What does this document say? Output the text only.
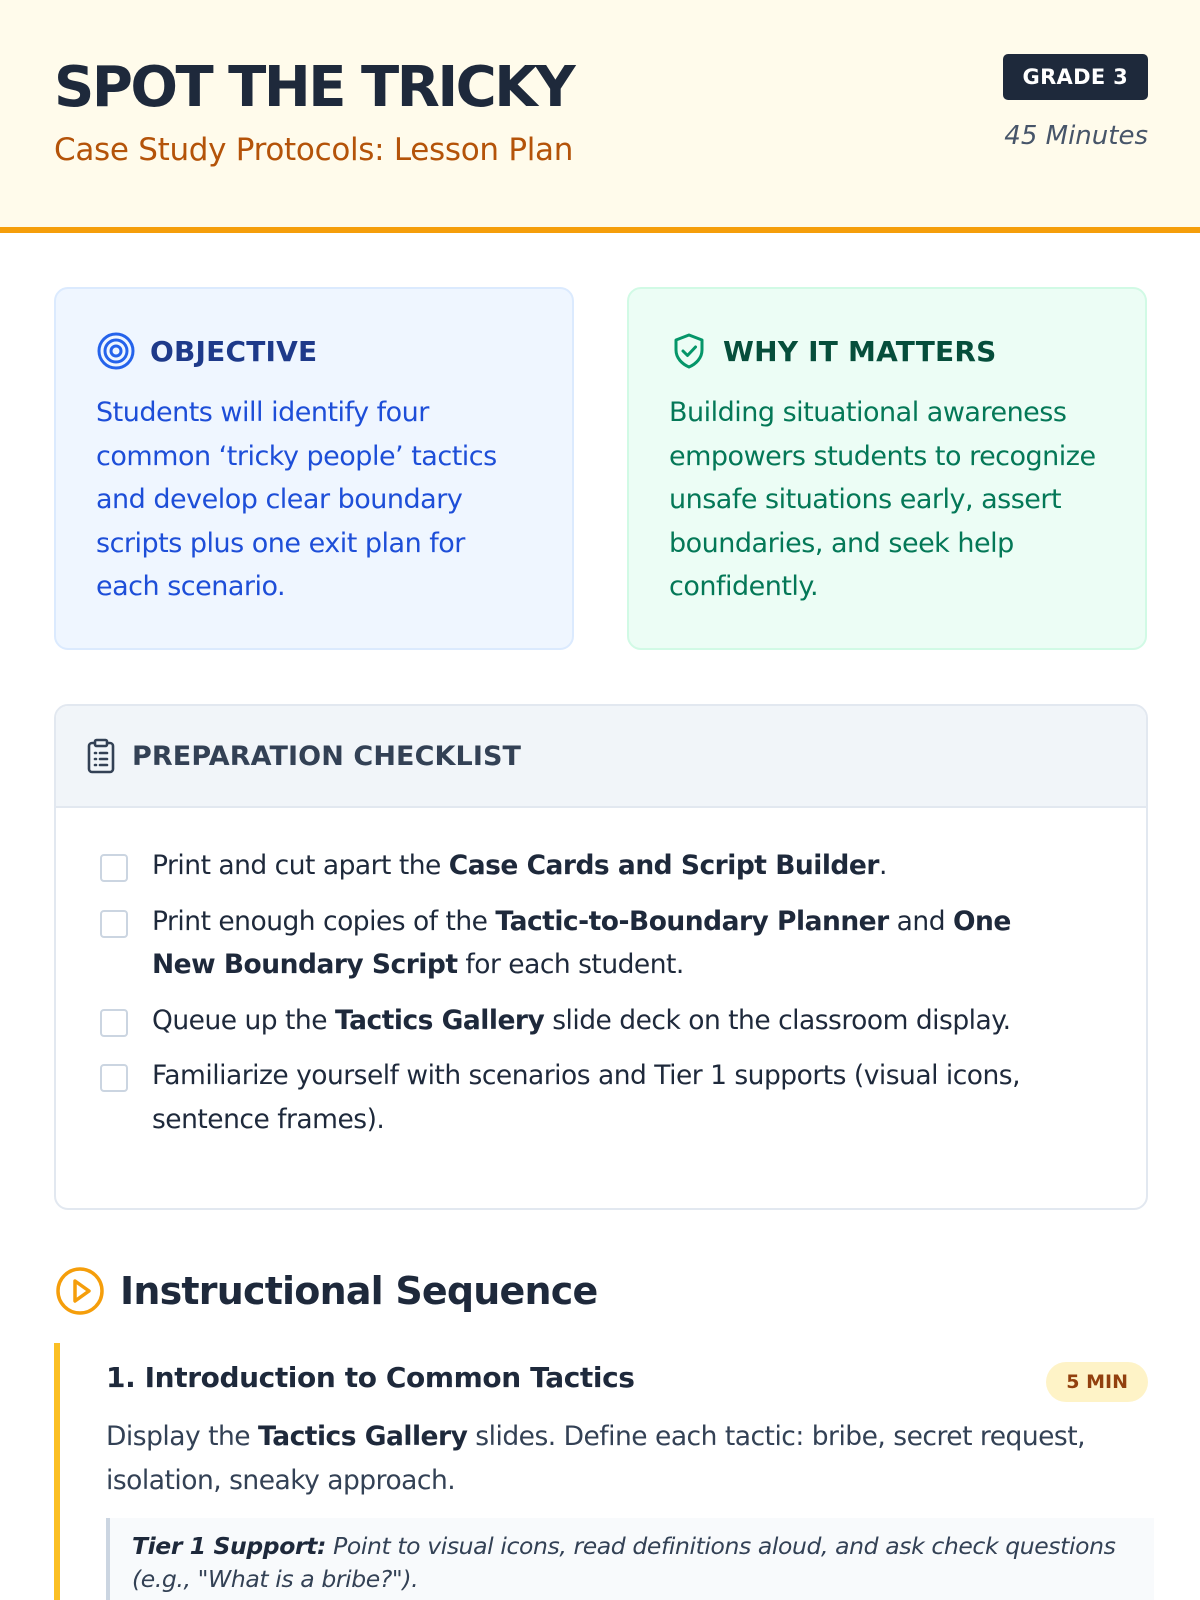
SPOT THE TRICKY
Case Study Protocols: Lesson Plan
GRADE 3
45 Minutes
OBJECTIVE

Students will identify four common ‘tricky people’ tactics and develop clear boundary scripts plus one exit plan for each scenario.

WHY IT MATTERS

Building situational awareness empowers students to recognize unsafe situations early, assert boundaries, and seek help confidently.

PREPARATION CHECKLIST
Print and cut apart the Case Cards and Script Builder.
Print enough copies of the Tactic-to-Boundary Planner and One New Boundary Script for each student.
Queue up the Tactics Gallery slide deck on the classroom display.
Familiarize yourself with scenarios and Tier 1 supports (visual icons, sentence frames).
Instructional Sequence
1. Introduction to Common Tactics	5 MIN

Display the Tactics Gallery slides. Define each tactic: bribe, secret request, isolation, sneaky approach.

Tier 1 Support: Point to visual icons, read definitions aloud, and ask check questions (e.g., "What is a bribe?").
